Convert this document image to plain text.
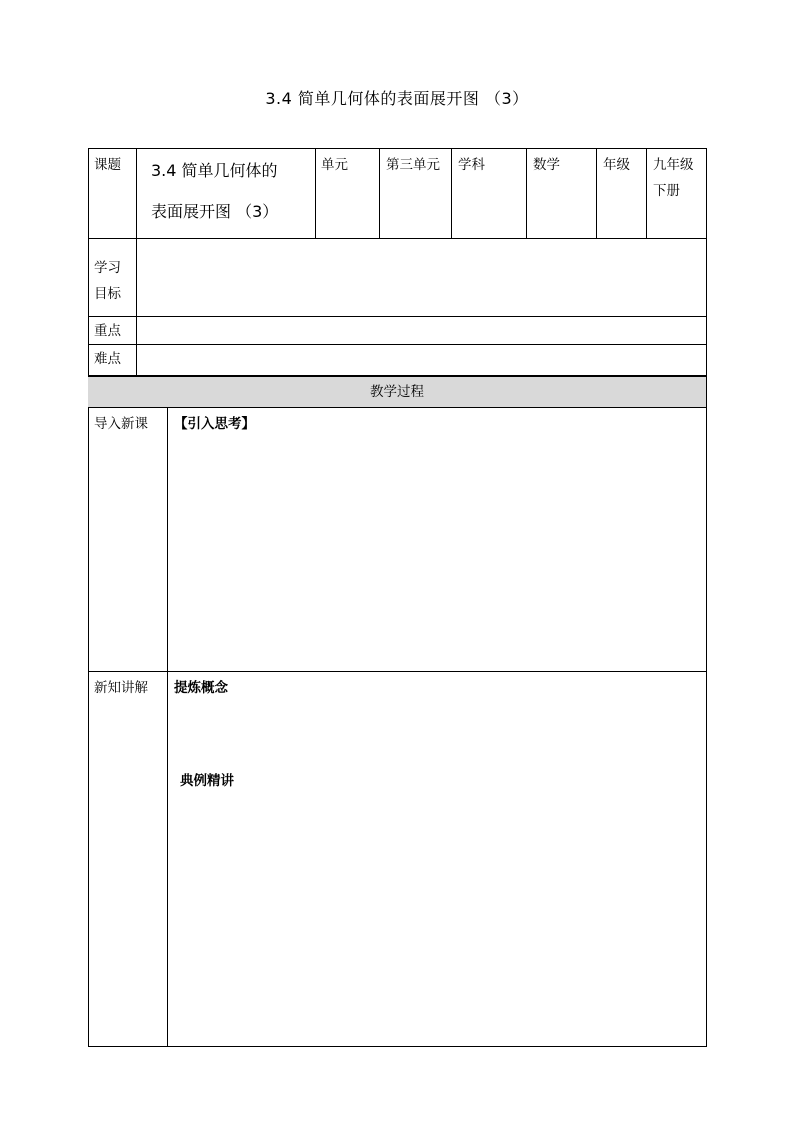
3.4 简单几何体的表面展开图 （3）
课题 3.4 简单几何体的
表面展开图 （3）
单元	第三单元 学科	数学	年级 九年级
下册
学习
目标
重点
难点
教学过程
导入新课 【引入思考】
新知讲解 提炼概念
典例精讲
